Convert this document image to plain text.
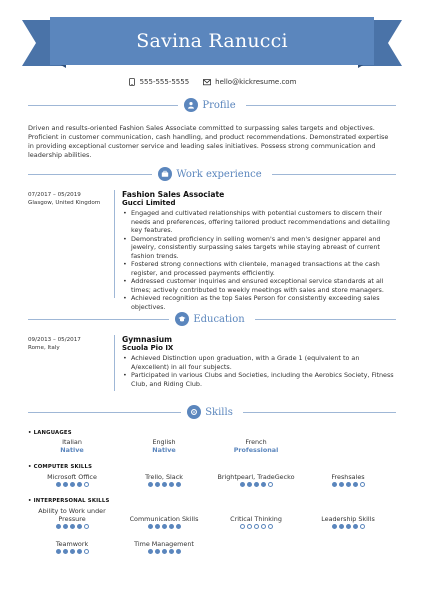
Savina Ranucci
555-555-5555	hello@kickresume.com
Profile
Driven and results-oriented Fashion Sales Associate committed to surpassing sales targets and objectives. Proficient in customer communication, cash handling, and product recommendations. Demonstrated expertise in providing exceptional customer service and leading sales initiatives. Possess strong communication and leadership abilities.
Work experience
07/2017 – 05/2019
Glasgow, United Kingdom
Fashion Sales Associate
Gucci Limited
• Engaged and cultivated relationships with potential customers to discern their needs and preferences, offering tailored product recommendations and detailing key features.
• Demonstrated proficiency in selling women's and men's designer apparel and jewelry, consistently surpassing sales targets while staying abreast of current fashion trends.
• Fostered strong connections with clientele, managed transactions at the cash register, and processed payments efficiently.
• Addressed customer inquiries and ensured exceptional service standards at all times; actively contributed to weekly meetings with sales and store managers.
• Achieved recognition as the top Sales Person for consistently exceeding sales objectives.
Education
09/2013 – 05/2017
Rome, Italy
Gymnasium
Scuola Pio IX
• Achieved Distinction upon graduation, with a Grade 1 (equivalent to an A/excellent) in all four subjects.
• Participated in various Clubs and Societies, including the Aerobics Society, Fitness Club, and Riding Club.
Skills
• LANGUAGES
Italian
Native
English
Native
French
Professional
• COMPUTER SKILLS
Microsoft Office	Trello, Slack	Brightpearl, TradeGecko	Freshsales
• INTERPERSONAL SKILLS
Ability to Work under Pressure	Communication Skills	Critical Thinking	Leadership Skills
Teamwork	Time Management
